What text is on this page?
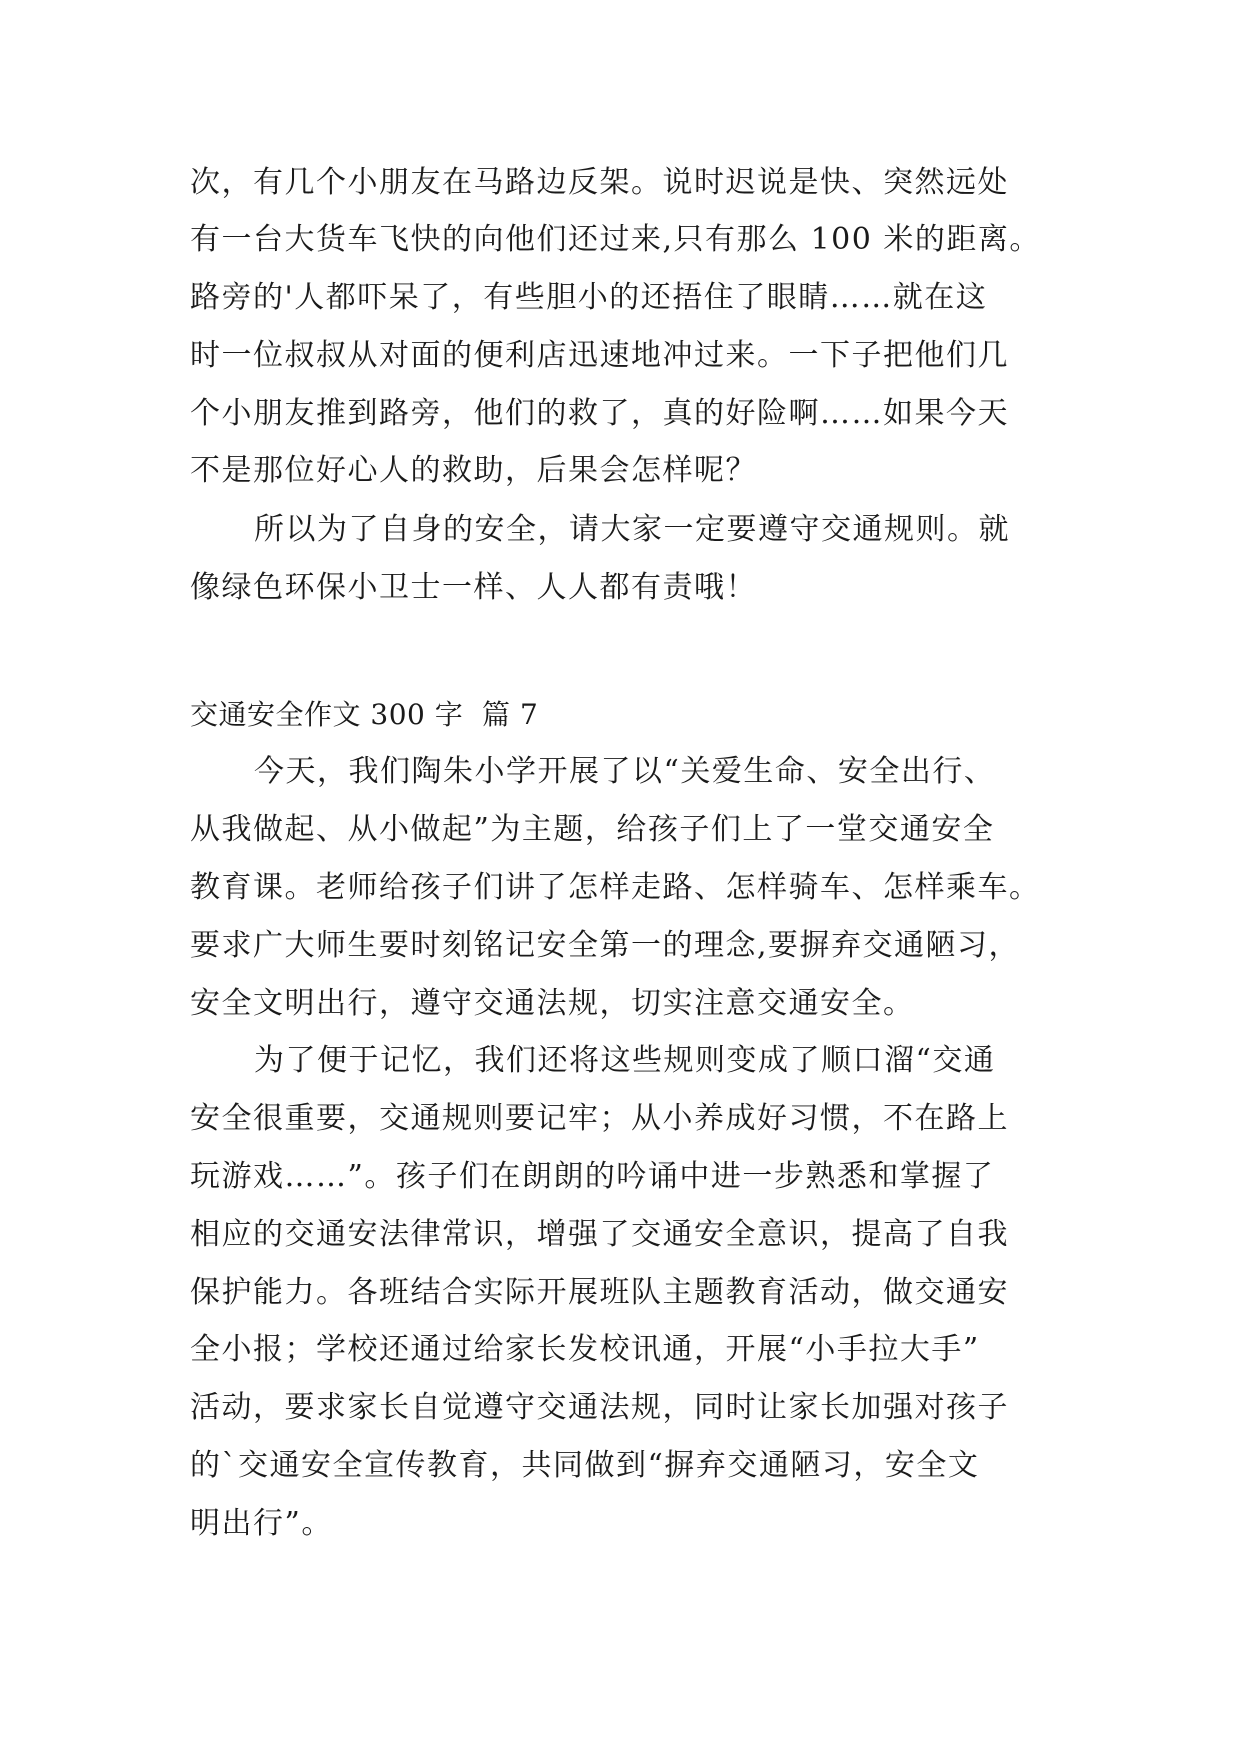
次，有几个小朋友在马路边反架。说时迟说是快、突然远处
有一台大货车飞快的向他们还过来,只有那么 100 米的距离。
路旁的'人都吓呆了，有些胆小的还捂住了眼睛……就在这
时一位叔叔从对面的便利店迅速地冲过来。一下子把他们几
个小朋友推到路旁，他们的救了，真的好险啊……如果今天
不是那位好心人的救助，后果会怎样呢？
所以为了自身的安全，请大家一定要遵守交通规则。就
像绿色环保小卫士一样、人人都有责哦！
交通安全作文 300 字  篇 7
今天，我们陶朱小学开展了以“关爱生命、安全出行、
从我做起、从小做起”为主题，给孩子们上了一堂交通安全
教育课。老师给孩子们讲了怎样走路、怎样骑车、怎样乘车。
要求广大师生要时刻铭记安全第一的理念,要摒弃交通陋习，
安全文明出行，遵守交通法规，切实注意交通安全。
为了便于记忆，我们还将这些规则变成了顺口溜“交通
安全很重要，交通规则要记牢；从小养成好习惯，不在路上
玩游戏……”。孩子们在朗朗的吟诵中进一步熟悉和掌握了
相应的交通安法律常识，增强了交通安全意识，提高了自我
保护能力。各班结合实际开展班队主题教育活动，做交通安
全小报；学校还通过给家长发校讯通，开展“小手拉大手”
活动，要求家长自觉遵守交通法规，同时让家长加强对孩子
的`交通安全宣传教育，共同做到“摒弃交通陋习，安全文
明出行”。
